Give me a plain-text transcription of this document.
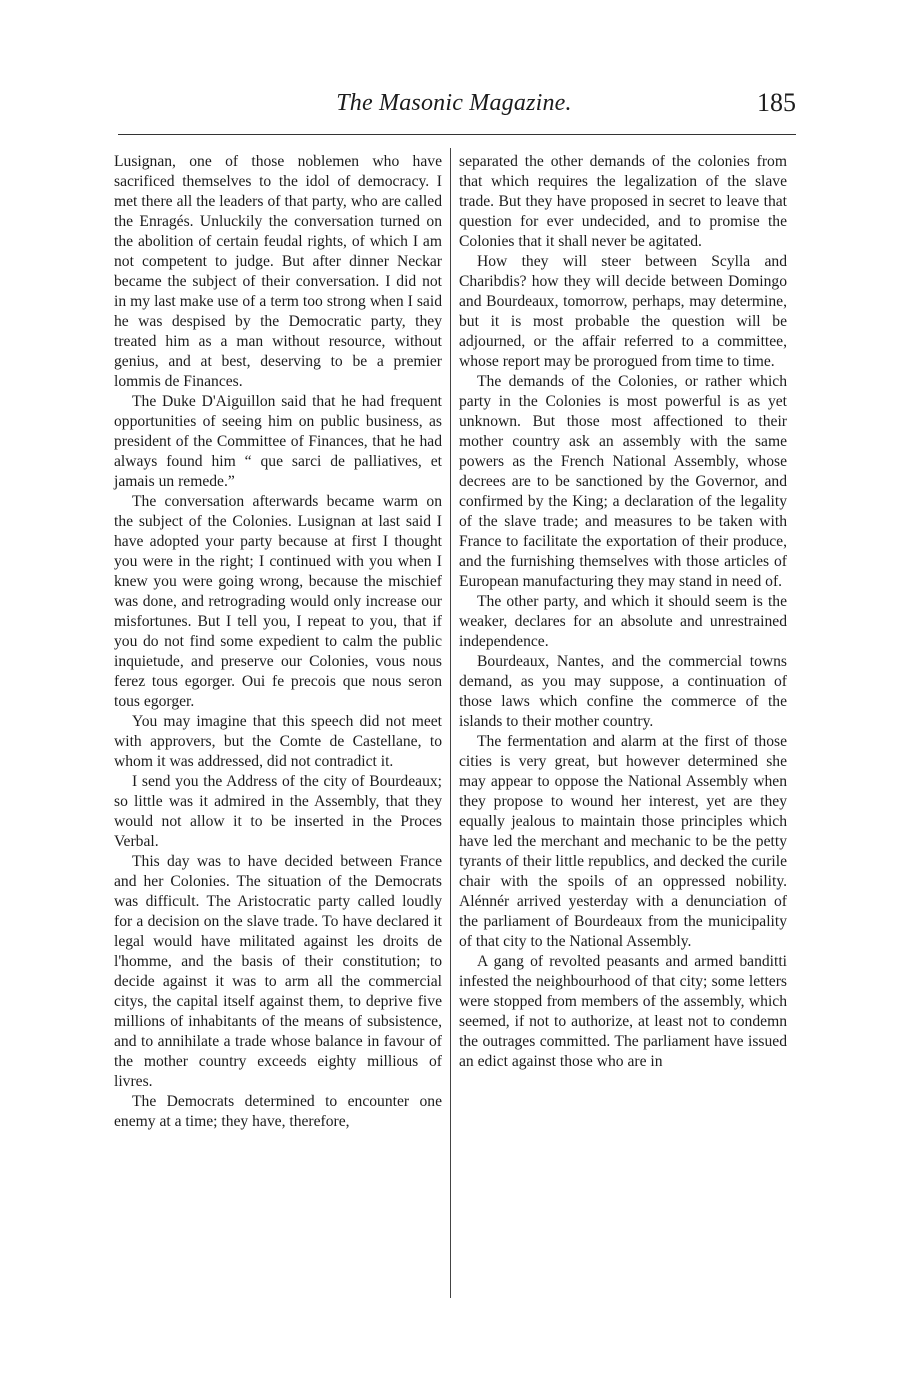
The Masonic Magazine.	185

Lusignan, one of those noblemen who have sacrificed themselves to the idol of democracy. I met there all the leaders of that party, who are called the Enragés. Unluckily the conversation turned on the abolition of certain feudal rights, of which I am not competent to judge. But after dinner Neckar became the subject of their conversation. I did not in my last make use of a term too strong when I said he was despised by the Democratic party, they treated him as a man without resource, without genius, and at best, deserving to be a premier lommis de Finances.

The Duke D'Aiguillon said that he had frequent opportunities of seeing him on public business, as president of the Committee of Finances, that he had always found him “ que sarci de palliatives, et jamais un remede.”

The conversation afterwards became warm on the subject of the Colonies. Lusignan at last said I have adopted your party because at first I thought you were in the right; I continued with you when I knew you were going wrong, because the mischief was done, and retrograding would only increase our misfortunes. But I tell you, I repeat to you, that if you do not find some expedient to calm the public inquietude, and preserve our Colonies, vous nous ferez tous egorger. Oui fe precois que nous seron tous egorger.

You may imagine that this speech did not meet with approvers, but the Comte de Castellane, to whom it was addressed, did not contradict it.

I send you the Address of the city of Bourdeaux; so little was it admired in the Assembly, that they would not allow it to be inserted in the Proces Verbal.

This day was to have decided between France and her Colonies. The situation of the Democrats was difficult. The Aristocratic party called loudly for a decision on the slave trade. To have declared it legal would have militated against les droits de l'homme, and the basis of their constitution; to decide against it was to arm all the commercial citys, the capital itself against them, to deprive five millions of inhabitants of the means of subsistence, and to annihilate a trade whose balance in favour of the mother country exceeds eighty millious of livres.

The Democrats determined to encounter one enemy at a time; they have, therefore,

separated the other demands of the colonies from that which requires the legalization of the slave trade. But they have proposed in secret to leave that question for ever undecided, and to promise the Colonies that it shall never be agitated.

How they will steer between Scylla and Charibdis? how they will decide between Domingo and Bourdeaux, tomorrow, perhaps, may determine, but it is most probable the question will be adjourned, or the affair referred to a committee, whose report may be prorogued from time to time.

The demands of the Colonies, or rather which party in the Colonies is most powerful is as yet unknown. But those most affectioned to their mother country ask an assembly with the same powers as the French National Assembly, whose decrees are to be sanctioned by the Governor, and confirmed by the King; a declaration of the legality of the slave trade; and measures to be taken with France to facilitate the exportation of their produce, and the furnishing themselves with those articles of European manufacturing they may stand in need of.

The other party, and which it should seem is the weaker, declares for an absolute and unrestrained independence.

Bourdeaux, Nantes, and the commercial towns demand, as you may suppose, a continuation of those laws which confine the commerce of the islands to their mother country.

The fermentation and alarm at the first of those cities is very great, but however determined she may appear to oppose the National Assembly when they propose to wound her interest, yet are they equally jealous to maintain those principles which have led the merchant and mechanic to be the petty tyrants of their little republics, and decked the curile chair with the spoils of an oppressed nobility. Alénnér arrived yesterday with a denunciation of the parliament of Bourdeaux from the municipality of that city to the National Assembly.

A gang of revolted peasants and armed banditti infested the neighbourhood of that city; some letters were stopped from members of the assembly, which seemed, if not to authorize, at least not to condemn the outrages committed. The parliament have issued an edict against those who are in
